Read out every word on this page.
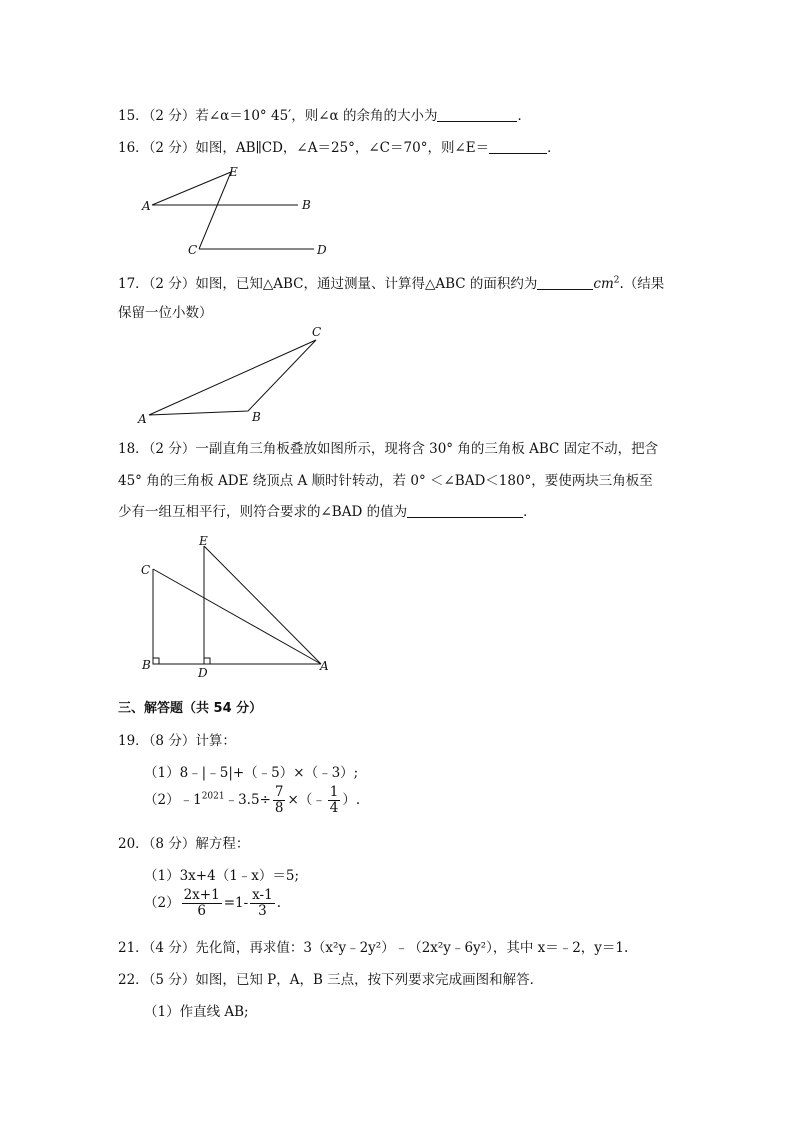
15．（2 分）若∠α＝10° 45′，则∠α 的余角的大小为	．
16．（2 分）如图，AB∥CD，∠A＝25°，∠C＝70°，则∠E＝	．
E
A	B
C	D
17．（2 分）如图，已知△ABC，通过测量、计算得△ABC 的面积约为	$cm^2$.（结果
保留一位小数）
C
A	B
18．（2 分）一副直角三角板叠放如图所示，现将含 30° 角的三角板 ABC 固定不动，把含
45° 角的三角板 ADE 绕顶点 A 顺时针转动，若 0° ＜∠BAD＜180°，要使两块三角板至
少有一组互相平行，则符合要求的∠BAD 的值为	．
E
C
B
D	A
三、解答题（共 54 分）
19．（8 分）计算：
（1）8﹣|﹣5|+（﹣5）×（﹣3）;
$(2)﹣1^{2021}﹣3.5\div \frac{7}{8}$ ×（﹣ $\frac{1}{4}$ ）.
20．（8 分）解方程：
（1）3x+4（1﹣x）＝5;
$(2) \frac{2x+1}{6} =1- \frac{x-1}{3}$ .
21．（4 分）先化简，再求值：3（x²y﹣2y²）﹣（2x²y﹣6y²），其中 x＝﹣2，y＝1.
22．（5 分）如图，已知 P，A，B 三点，按下列要求完成画图和解答．
（1）作直线 AB;
